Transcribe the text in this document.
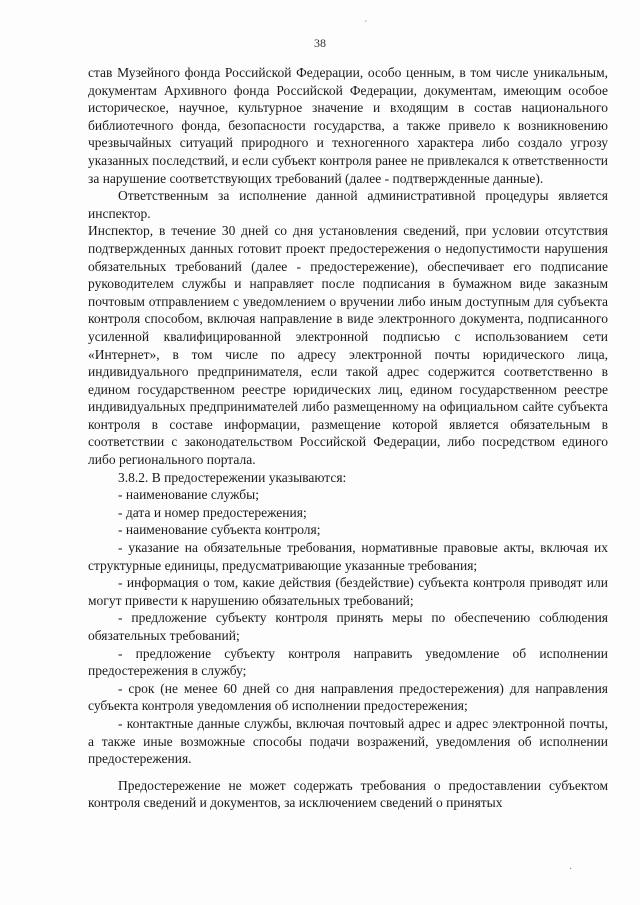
ˊ
38

став Музейного фонда Российской Федерации, особо ценным, в том числе уникальным, документам Архивного фонда Российской Федерации, документам, имеющим особое историческое, научное, культурное значение и входящим в состав национального библиотечного фонда, безопасности государства, а также привело к возникновению чрезвычайных ситуаций природного и техногенного характера либо создало угрозу указанных последствий, и если субъект контроля ранее не привлекался к ответственности за нарушение соответствующих требований (далее - подтвержденные данные).

Ответственным за исполнение данной административной процедуры является инспектор.

Инспектор, в течение 30 дней со дня установления сведений, при условии отсутствия подтвержденных данных готовит проект предостережения о недопустимости нарушения обязательных требований (далее - предостережение), обеспечивает его подписание руководителем службы и направляет после подписания в бумажном виде заказным почтовым отправлением с уведомлением о вручении либо иным доступным для субъекта контроля способом, включая направление в виде электронного документа, подписанного усиленной квалифицированной электронной подписью с использованием сети «Интернет», в том числе по адресу электронной почты юридического лица, индивидуального предпринимателя, если такой адрес содержится соответственно в едином государственном реестре юридических лиц, едином государственном реестре индивидуальных предпринимателей либо размещенному на официальном сайте субъекта контроля в составе информации, размещение которой является обязательным в соответствии с законодательством Российской Федерации, либо посредством единого либо регионального портала.

3.8.2. В предостережении указываются:

- наименование службы;
- дата и номер предостережения;
- наименование субъекта контроля;
- указание на обязательные требования, нормативные правовые акты, включая их структурные единицы, предусматривающие указанные требования;
- информация о том, какие действия (бездействие) субъекта контроля приводят или могут привести к нарушению обязательных требований;
- предложение субъекту контроля принять меры по обеспечению соблюдения обязательных требований;
- предложение субъекту контроля направить уведомление об исполнении предостережения в службу;
- срок (не менее 60 дней со дня направления предостережения) для направления субъекта контроля уведомления об исполнении предостережения;
- контактные данные службы, включая почтовый адрес и адрес электронной почты, а также иные возможные способы подачи возражений, уведомления об исполнении предостережения.

Предостережение не может содержать требования о предоставлении субъектом контроля сведений и документов, за исключением сведений о принятых

·
